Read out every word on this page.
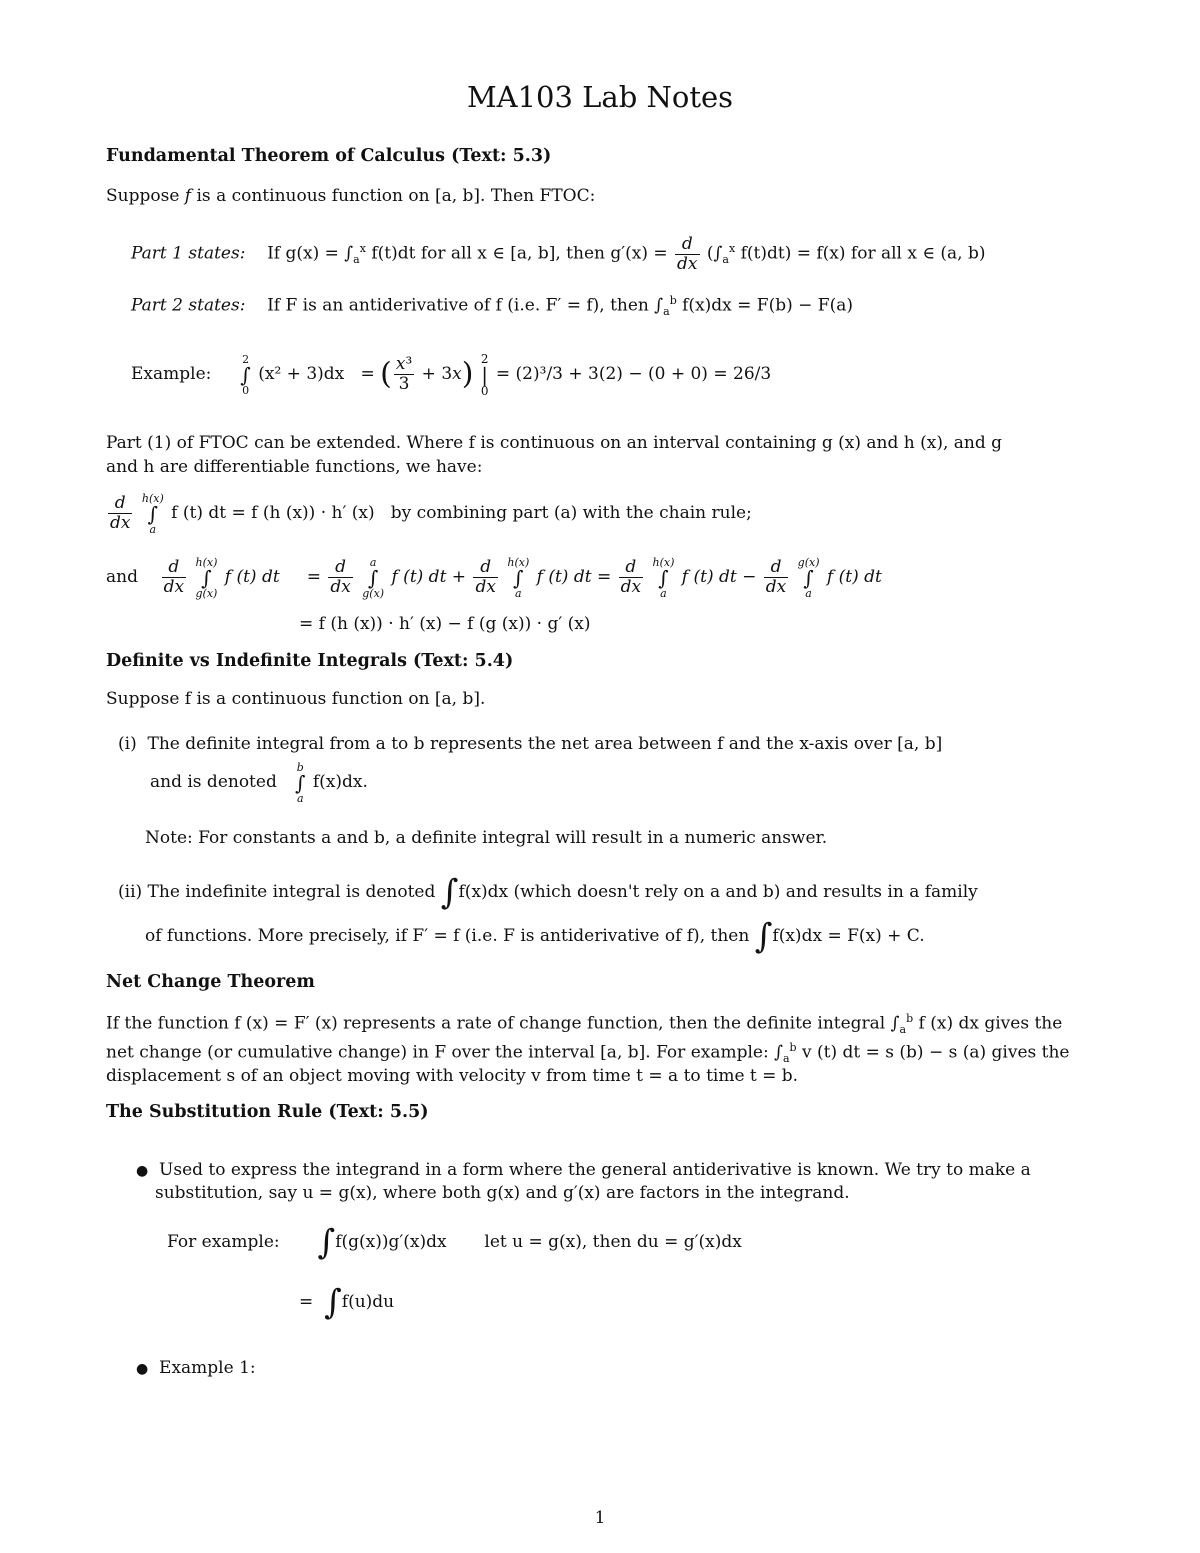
MA103 Lab Notes
Fundamental Theorem of Calculus (Text: 5.3)
Suppose f is a continuous function on [a, b]. Then FTOC:
Part 1 states: If $g(x) = \int_a^x$ f(t)dt for all x ∈ [a, b], then $g'(x) = \frac{d}{dx} (\int_a^x$ f(t)dt) = f(x) for all x ∈ (a, b)
Part 2 states: If F is an antiderivative of f (i.e. F′ = f), then $\int_a^b$ f(x)dx = F(b) − F(a)
Example:     2
∫
0 (x² + 3)dx = ( $\frac{\text{x³}}{3} + 3x$) 2
|
0 = (2)³/3 + 3(2) − (0 + 0) = 26/3
Part (1) of FTOC can be extended. Where f is continuous on an interval containing g (x) and h (x), and g
and h are differentiable functions, we have:
$\frac{d}{dx} h(x)$
∫
a f (t) dt = f (h (x)) · h′ (x) by combining part (a) with the chain rule;
and $\frac{d}{dx} h(x)$
∫
g(x) f (t) dt     = $\frac{d}{dx}$ a
∫
g(x) f (t) dt + $\frac{d}{dx} h(x)$
∫
a f (t) dt = $\frac{d}{dx} h(x)$
∫
a f (t) dt − $\frac{d}{dx} g(x)$
∫
a f (t) dt
= f (h (x)) · h′ (x) − f (g (x)) · g′ (x)
Definite vs Indefinite Integrals (Text: 5.4)
Suppose f is a continuous function on [a, b].
(i) The definite integral from a to b represents the net area between f and the x-axis over [a, b]
and is denoted   b
∫
a f(x)dx.
Note: For constants a and b, a definite integral will result in a numeric answer.
(ii) The indefinite integral is denoted ∫f(x)dx (which doesn't rely on a and b) and results in a family
of functions. More precisely, if F′ = f (i.e. F is antiderivative of f), then ∫f(x)dx = F(x) + C.
Net Change Theorem
If the function f (x) = F′ (x) represents a rate of change function, then the definite integral $\int_a^b$ f (x) dx gives the
net change (or cumulative change) in F over the interval [a, b]. For example: $\int_a^b$ v (t) dt = s (b) − s (a) gives the
displacement s of an object moving with velocity v from time t = a to time t = b.
The Substitution Rule (Text: 5.5)
● Used to express the integrand in a form where the general antiderivative is known. We try to make a
substitution, say u = g(x), where both g(x) and g′(x) are factors in the integrand.
For example: ∫f(g(x))g′(x)dx let u = g(x), then du = g′(x)dx
= ∫f(u)du
● Example 1:
1
